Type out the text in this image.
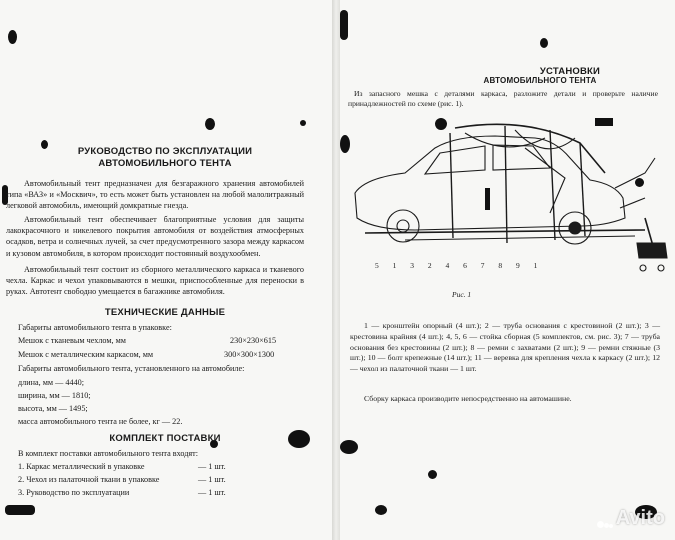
РУКОВОДСТВО ПО ЭКСПЛУАТАЦИИ
АВТОМОБИЛЬНОГО ТЕНТА
Автомобильный тент предназначен для безгаражного хранения автомобилей типа «ВАЗ» и «Москвич», то есть может быть установлен на любой малолитражный легковой автомобиль, имеющий домкратные гнезда.
Автомобильный тент обеспечивает благоприятные условия для защиты лакокрасочного и никелевого покрытия автомобиля от воздействия атмосферных осадков, ветра и солнечных лучей, за счет предусмотренного зазора между каркасом и кузовом автомобиля, в котором происходит постоянный воздухообмен.
Автомобильный тент состоит из сборного металлического каркаса и тканевого чехла. Каркас и чехол упаковываются в мешки, приспособленные для переноски в руках. Автотент свободно умещается в багажнике автомобиля.
ТЕХНИЧЕСКИЕ ДАННЫЕ
Габариты автомобильного тента в упаковке:
Мешок с тканевым чехлом, мм	230×230×615
Мешок с металлическим каркасом, мм	300×300×1300
Габариты автомобильного тента, установленного на автомобиле:
длина, мм — 4440;
ширина, мм — 1810;
высота, мм — 1495;
масса автомобильного тента не более, кг — 22.
КОМПЛЕКТ ПОСТАВКИ
В комплект поставки автомобильного тента входят:
1. Каркас металлический в упаковке	— 1 шт.
2. Чехол из палаточной ткани в упаковке	— 1 шт.
3. Руководство по эксплуатации	— 1 шт.
УСТАНОВКИ
АВТОМОБИЛЬНОГО ТЕНТА
Из запасного мешка с деталями каркаса, разложите детали и проверьте наличие принадлежностей по схеме (рис. 1).
5 1 3 2 4 6 7 8 9 1
Рис. 1
1 — кронштейн опорный (4 шт.); 2 — труба основания с крестовиной (2 шт.); 3 — крестовина крайняя (4 шт.); 4, 5, 6 — стойка сборная (5 комплектов, см. рис. 3); 7 — труба основания без крестовины (2 шт.); 8 — ремни с захватами (2 шт.); 9 — ремни стяжные (3 шт.); 10 — болт крепежные (14 шт.); 11 — веревка для крепления чехла к каркасу (2 шт.); 12 — чехол из палаточной ткани — 1 шт.
Сборку каркаса производите непосредственно на автомашине.
Avito
